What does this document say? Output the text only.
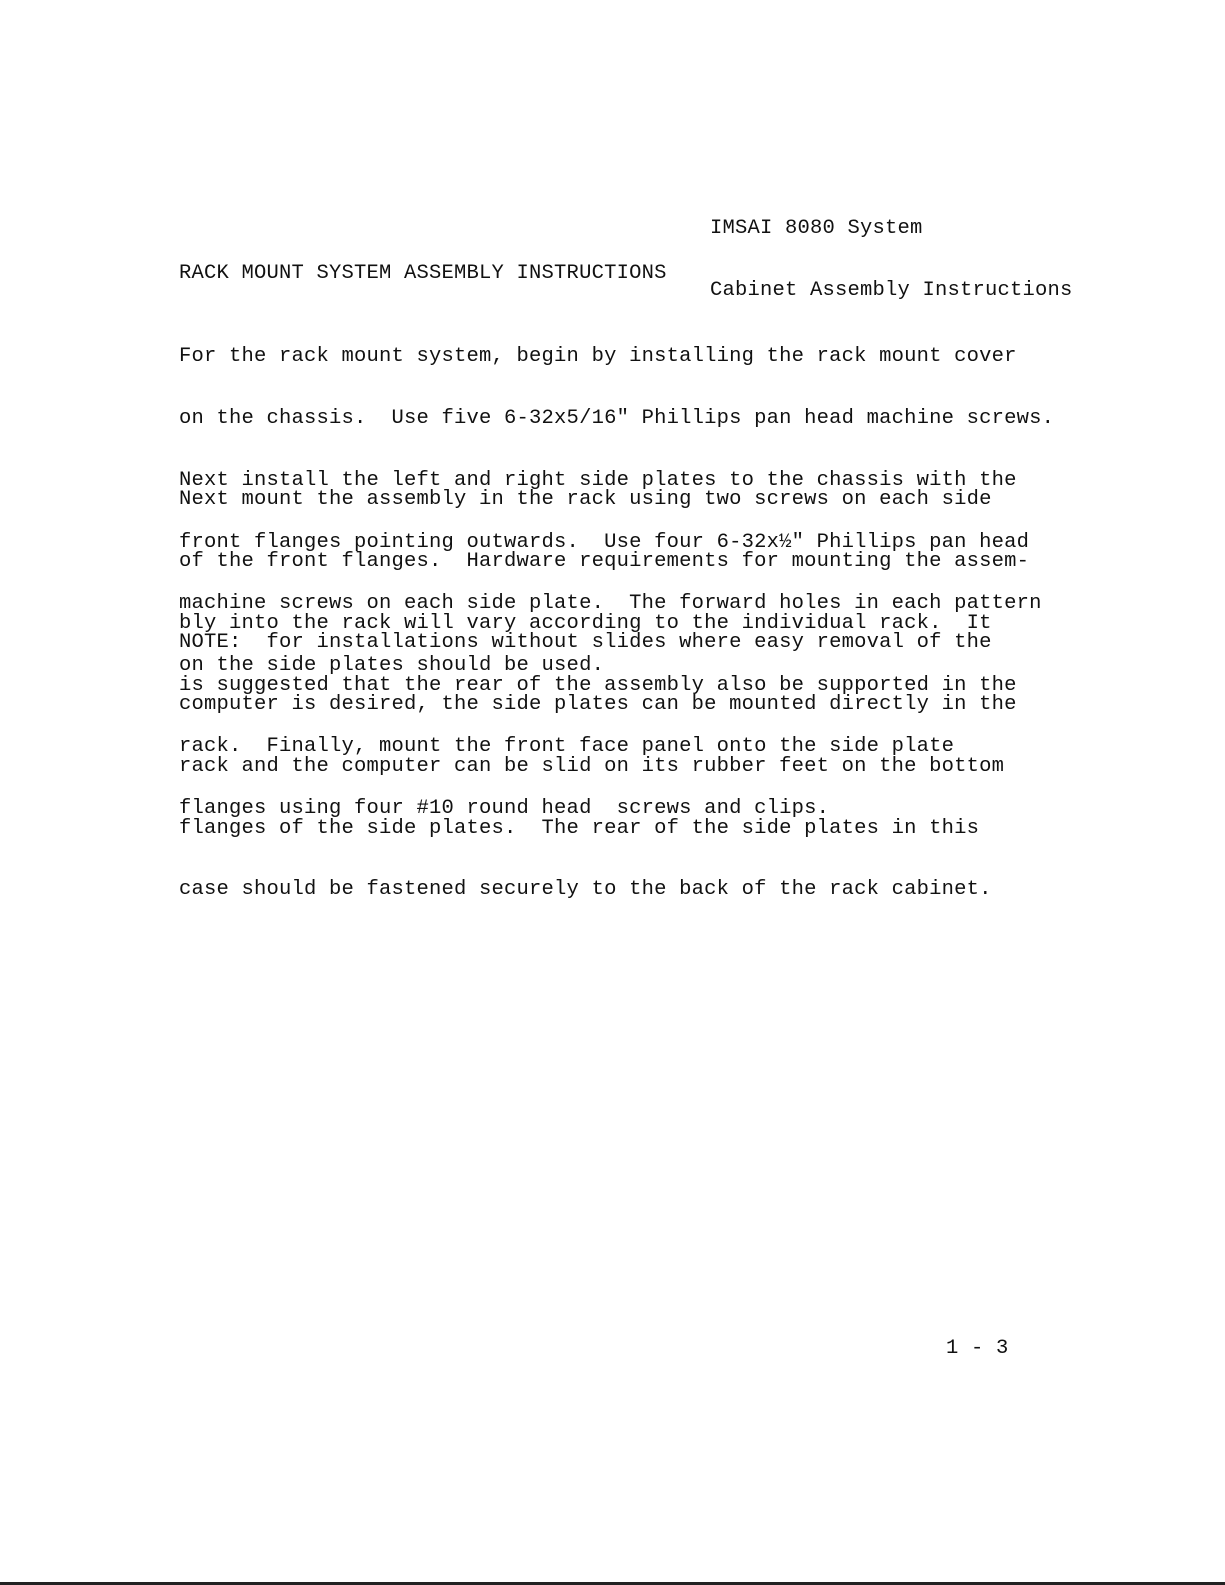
IMSAI 8080 System

Cabinet Assembly Instructions

RACK MOUNT SYSTEM ASSEMBLY INSTRUCTIONS

For the rack mount system, begin by installing the rack mount cover

on the chassis.  Use five 6-32x5/16" Phillips pan head machine screws.

Next install the left and right side plates to the chassis with the

front flanges pointing outwards.  Use four 6-32x½" Phillips pan head

machine screws on each side plate.  The forward holes in each pattern

on the side plates should be used.

Next mount the assembly in the rack using two screws on each side

of the front flanges.  Hardware requirements for mounting the assem-

bly into the rack will vary according to the individual rack.  It

is suggested that the rear of the assembly also be supported in the

rack.  Finally, mount the front face panel onto the side plate

flanges using four #10 round head  screws and clips.

NOTE:  for installations without slides where easy removal of the

computer is desired, the side plates can be mounted directly in the

rack and the computer can be slid on its rubber feet on the bottom

flanges of the side plates.  The rear of the side plates in this

case should be fastened securely to the back of the rack cabinet.

1 - 3
